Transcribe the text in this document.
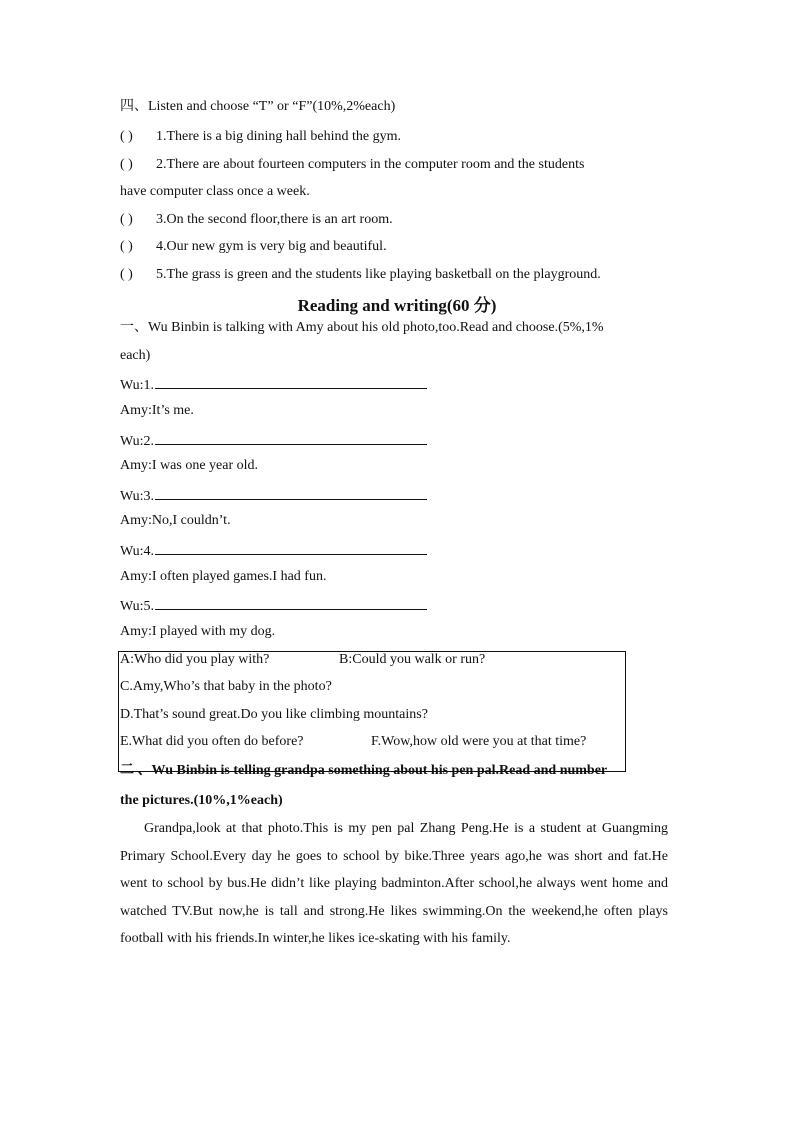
四、Listen and choose “T” or “F”(10%,2%each)
( ) 1.There is a big dining hall behind the gym.
( ) 2.There are about fourteen computers in the computer room and the students
have computer class once a week.
( ) 3.On the second floor,there is an art room.
( ) 4.Our new gym is very big and beautiful.
( ) 5.The grass is green and the students like playing basketball on the playground.
Reading and writing(60 分)
一、Wu Binbin is talking with Amy about his old photo,too.Read and choose.(5%,1%
each)
Wu:1.
Amy:It’s me.
Wu:2.
Amy:I was one year old.
Wu:3.
Amy:No,I couldn’t.
Wu:4.
Amy:I often played games.I had fun.
Wu:5.
Amy:I played with my dog.
A:Who did you play with?	B:Could you walk or run?
C.Amy,Who’s that baby in the photo?
D.That’s sound great.Do you like climbing mountains?
E.What did you often do before?	F.Wow,how old were you at that time?
二 、Wu Binbin is telling grandpa something about his pen pal.Read and number
the pictures.(10%,1%each)

Grandpa,look at that photo.This is my pen pal Zhang Peng.He is a student at Guangming Primary School.Every day he goes to school by bike.Three years ago,he was short and fat.He went to school by bus.He didn’t like playing badminton.After school,he always went home and watched TV.But now,he is tall and strong.He likes swimming.On the weekend,he often plays football with his friends.In winter,he likes ice-skating with his family.
